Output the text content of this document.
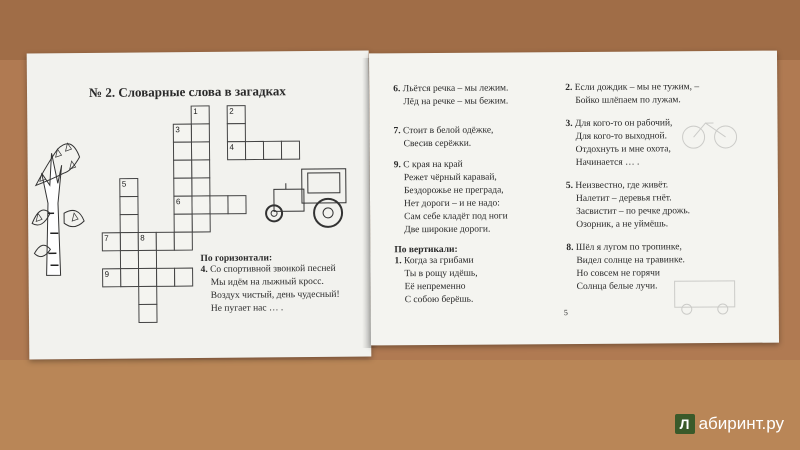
№ 2. Словарные слова в загадках
1	2
3
4
5
6
7	8
9
По горизонтали:
4. Со спортивной звонкой песней
Мы идём на лыжный кросс.
Воздух чистый, день чудесный!
Не пугает нас … .
6. Льётся речка – мы лежим.
Лёд на речке – мы бежим.
7. Стоит в белой одёжке,
Свесив серёжки.
9. С края на край
Режет чёрный каравай,
Бездорожье не преграда,
Нет дороги – и не надо:
Сам себе кладёт под ноги
Две широкие дороги.
По вертикали:
1. Когда за грибами
Ты в рощу идёшь,
Её непременно
С собою берёшь.
2. Если дождик – мы не тужим, –
Бойко шлёпаем по лужам.
3. Для кого-то он рабочий,
Для кого-то выходной.
Отдохнуть и мне охота,
Начинается … .
5. Неизвестно, где живёт.
Налетит – деревья гнёт.
Засвистит – по речке дрожь.
Озорник, а не уймёшь.
8. Шёл я лугом по тропинке,
Видел солнце на травинке.
Но совсем не горячи
Солнца белые лучи.
5
Л абиринт.ру
